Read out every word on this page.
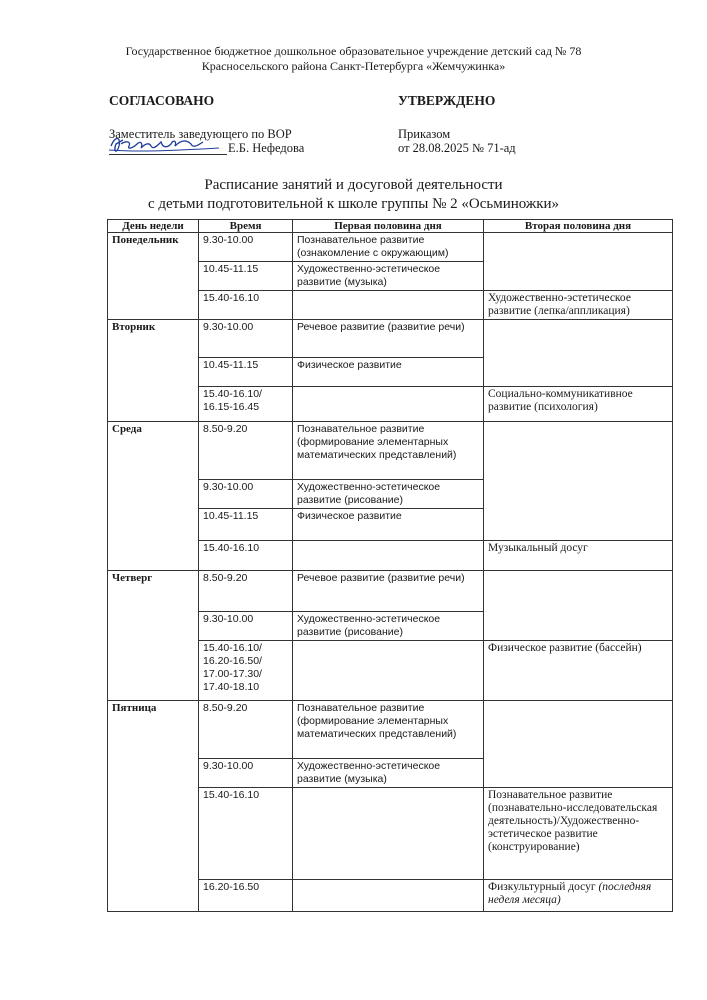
Государственное бюджетное дошкольное образовательное учреждение детский сад № 78
Красносельского района Санкт-Петербурга «Жемчужинка»
СОГЛАСОВАНО
Заместитель заведующего по ВОР
Е.Б. Нефедова
УТВЕРЖДЕНО
Приказом
от 28.08.2025 № 71-ад
Расписание занятий и досуговой деятельности
с детьми подготовительной к школе группы № 2 «Осьминожки»
День недели	Время	Первая половина дня	Вторая половина дня
Понедельник	9.30-10.00	Познавательное развитие (ознакомление с окружающим)	
	10.45-11.15	Художественно-эстетическое развитие (музыка)	
	15.40-16.10		Художественно-эстетическое развитие (лепка/аппликация)
Вторник	9.30-10.00	Речевое развитие (развитие речи)	
	10.45-11.15	Физическое развитие	
	15.40-16.10/ 16.15-16.45		Социально-коммуникативное развитие (психология)
Среда	8.50-9.20	Познавательное развитие (формирование элементарных математических представлений)	
	9.30-10.00	Художественно-эстетическое развитие (рисование)	
	10.45-11.15	Физическое развитие	
	15.40-16.10		Музыкальный досуг
Четверг	8.50-9.20	Речевое развитие (развитие речи)	
	9.30-10.00	Художественно-эстетическое развитие (рисование)	
	15.40-16.10/ 16.20-16.50/ 17.00-17.30/ 17.40-18.10		Физическое развитие (бассейн)
Пятница	8.50-9.20	Познавательное развитие (формирование элементарных математических представлений)	
	9.30-10.00	Художественно-эстетическое развитие (музыка)	
	15.40-16.10		Познавательное развитие (познавательно-исследовательская деятельность)/Художественно-эстетическое развитие (конструирование)
	16.20-16.50		Физкультурный досуг (последняя неделя месяца)
